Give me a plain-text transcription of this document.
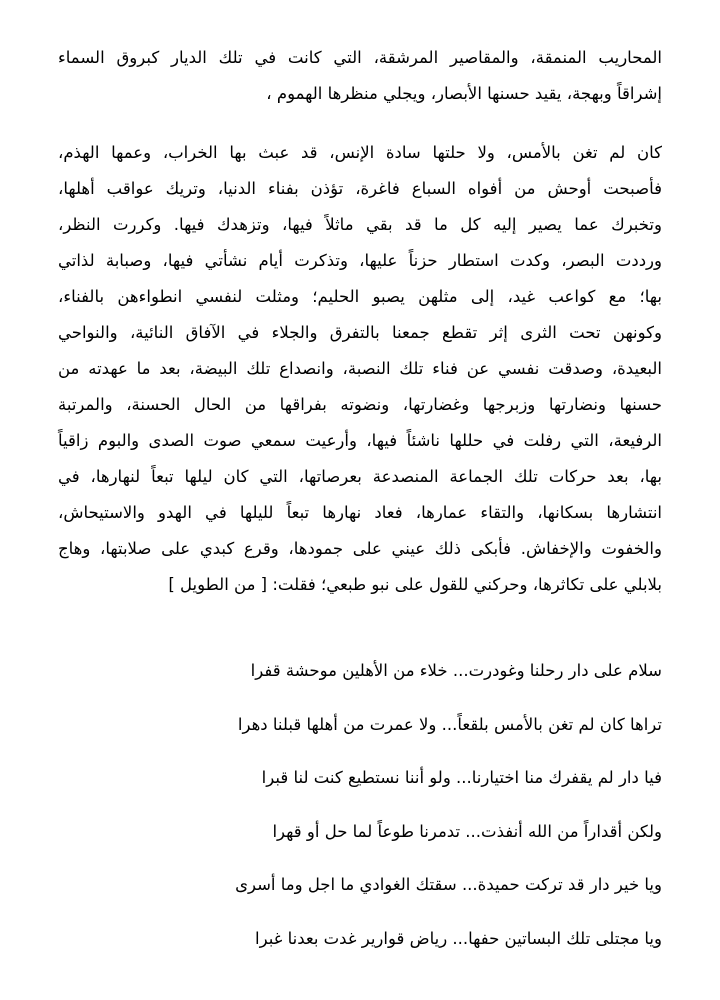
المحاريب المنمقة، والمقاصير المرشقة، التي كانت في تلك الديار كبروق السماء
إشراقاً وبهجة، يقيد حسنها الأبصار، ويجلي منظرها الهموم ،
كان لم تغن بالأمس، ولا حلتها سادة الإنس، قد عبث بها الخراب، وعمها الهذم،
فأصبحت أوحش من أفواه السباع فاغرة، تؤذن بفناء الدنيا، وتريك عواقب أهلها،
وتخبرك عما يصير إليه كل ما قد بقي ماثلاً فيها، وتزهدك فيها. وكررت النظر،
ورددت البصر، وكدت استطار حزناً عليها، وتذكرت أيام نشأتي فيها، وصبابة لذاتي
بها؛ مع كواعب غيد، إلى مثلهن يصبو الحليم؛ ومثلت لنفسي انطواءهن بالفناء،
وكونهن تحت الثرى إثر تقطع جمعنا بالتفرق والجلاء في الآفاق النائية، والنواحي
البعيدة، وصدقت نفسي عن فناء تلك النصبة، وانصداع تلك البيضة، بعد ما عهدته من
حسنها ونضارتها وزبرجها وغضارتها، ونضوته بفراقها من الحال الحسنة، والمرتبة
الرفيعة، التي رفلت في حللها ناشئاً فيها، وأرعيت سمعي صوت الصدى والبوم زاقياً
بها، بعد حركات تلك الجماعة المنصدعة بعرصاتها، التي كان ليلها تبعاً لنهارها، في
انتشارها بسكانها، والتقاء عمارها، فعاد نهارها تبعاً لليلها في الهدو والاستيحاش،
والخفوت والإخفاش. فأبكى ذلك عيني على جمودها، وقرع كبدي على صلابتها، وهاج
بلابلي على تكاثرها، وحركني للقول على نبو طبعي؛ فقلت: [ من الطويل ]
سلام على دار رحلنا وغودرت... خلاء من الأهلين موحشة قفرا
تراها كان لم تغن بالأمس بلقعاً... ولا عمرت من أهلها قبلنا دهرا
فيا دار لم يقفرك منا اختيارنا... ولو أننا نستطيع كنت لنا قبرا
ولكن أقداراً من الله أنفذت... تدمرنا طوعاً لما حل أو قهرا
ويا خير دار قد تركت حميدة... سقتك الغوادي ما اجل وما أسرى
ويا مجتلى تلك البساتين حفها... رياض قوارير غدت بعدنا غبرا
